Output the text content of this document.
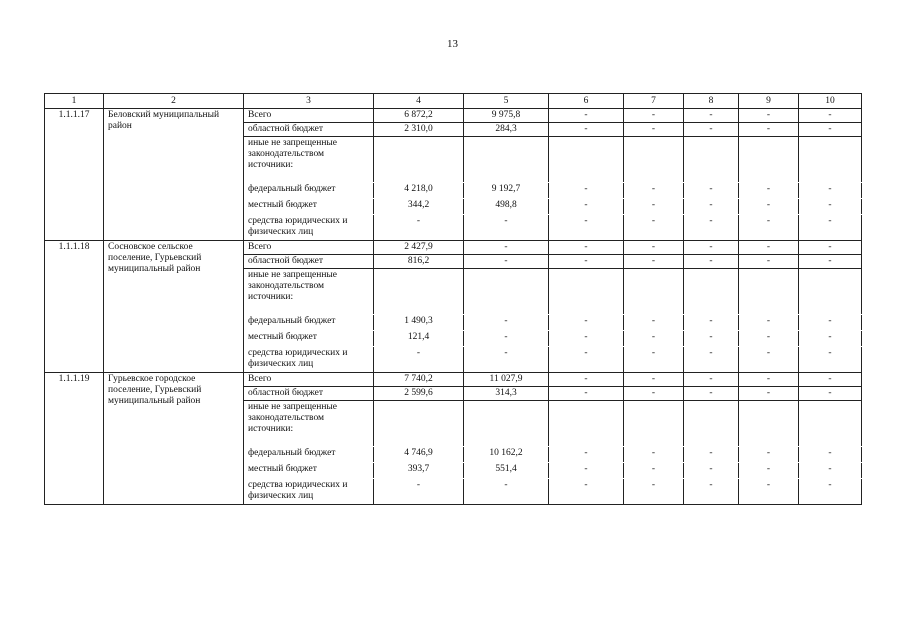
13
1	2	3	4	5	6	7	8	9	10
1.1.1.17	Беловский муниципальный район	Всего	6 872,2	9 975,8	-	-	-	-	-
		областной бюджет	2 310,0	284,3	-	-	-	-	-
		иные не запрещенные законодательством источники:							
		федеральный бюджет	4 218,0	9 192,7	-	-	-	-	-
		местный бюджет	344,2	498,8	-	-	-	-	-
		средства юридических и физических лиц	-	-	-	-	-	-	-
1.1.1.18	Сосновское сельское поселение, Гурьевский муниципальный район	Всего	2 427,9	-	-	-	-	-	-
		областной бюджет	816,2	-	-	-	-	-	-
		иные не запрещенные законодательством источники:							
		федеральный бюджет	1 490,3	-	-	-	-	-	-
		местный бюджет	121,4	-	-	-	-	-	-
		средства юридических и физических лиц	-	-	-	-	-	-	-
1.1.1.19	Гурьевское городское поселение, Гурьевский муниципальный район	Всего	7 740,2	11 027,9	-	-	-	-	-
		областной бюджет	2 599,6	314,3	-	-	-	-	-
		иные не запрещенные законодательством источники:							
		федеральный бюджет	4 746,9	10 162,2	-	-	-	-	-
		местный бюджет	393,7	551,4	-	-	-	-	-
		средства юридических и физических лиц	-	-	-	-	-	-	-
